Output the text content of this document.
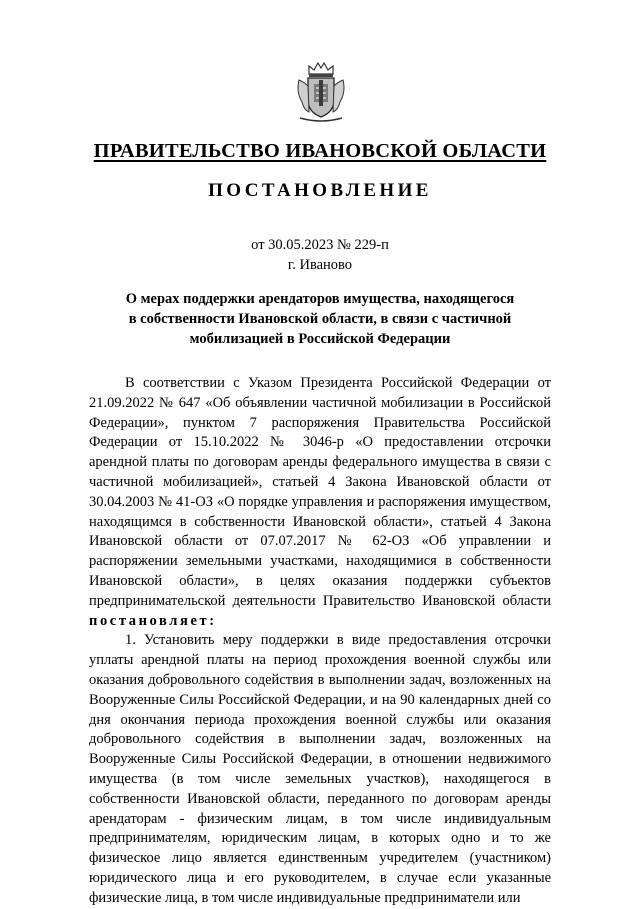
ПРАВИТЕЛЬСТВО ИВАНОВСКОЙ ОБЛАСТИ
ПОСТАНОВЛЕНИЕ
от 30.05.2023 № 229-п
г. Иваново
О мерах поддержки арендаторов имущества, находящегося
в собственности Ивановской области, в связи с частичной
мобилизацией в Российской Федерации

В соответствии с Указом Президента Российской Федерации от 21.09.2022 № 647 «Об объявлении частичной мобилизации в Российской Федерации», пунктом 7 распоряжения Правительства Российской Федерации от 15.10.2022 № 3046-р «О предоставлении отсрочки арендной платы по договорам аренды федерального имущества в связи с частичной мобилизацией», статьей 4 Закона Ивановской области от 30.04.2003 № 41-ОЗ «О порядке управления и распоряжения имуществом, находящимся в собственности Ивановской области», статьей 4 Закона Ивановской области от 07.07.2017 № 62-ОЗ «Об управлении и распоряжении земельными участками, находящимися в собственности Ивановской области», в целях оказания поддержки субъектов предпринимательской деятельности Правительство Ивановской области постановляет:

1. Установить меру поддержки в виде предоставления отсрочки уплаты арендной платы на период прохождения военной службы или оказания добровольного содействия в выполнении задач, возложенных на Вооруженные Силы Российской Федерации, и на 90 календарных дней со дня окончания периода прохождения военной службы или оказания добровольного содействия в выполнении задач, возложенных на Вооруженные Силы Российской Федерации, в отношении недвижимого имущества (в том числе земельных участков), находящегося в собственности Ивановской области, переданного по договорам аренды арендаторам - физическим лицам, в том числе индивидуальным предпринимателям, юридическим лицам, в которых одно и то же физическое лицо является единственным учредителем (участником) юридического лица и его руководителем, в случае если указанные физические лица, в том числе индивидуальные предприниматели или
